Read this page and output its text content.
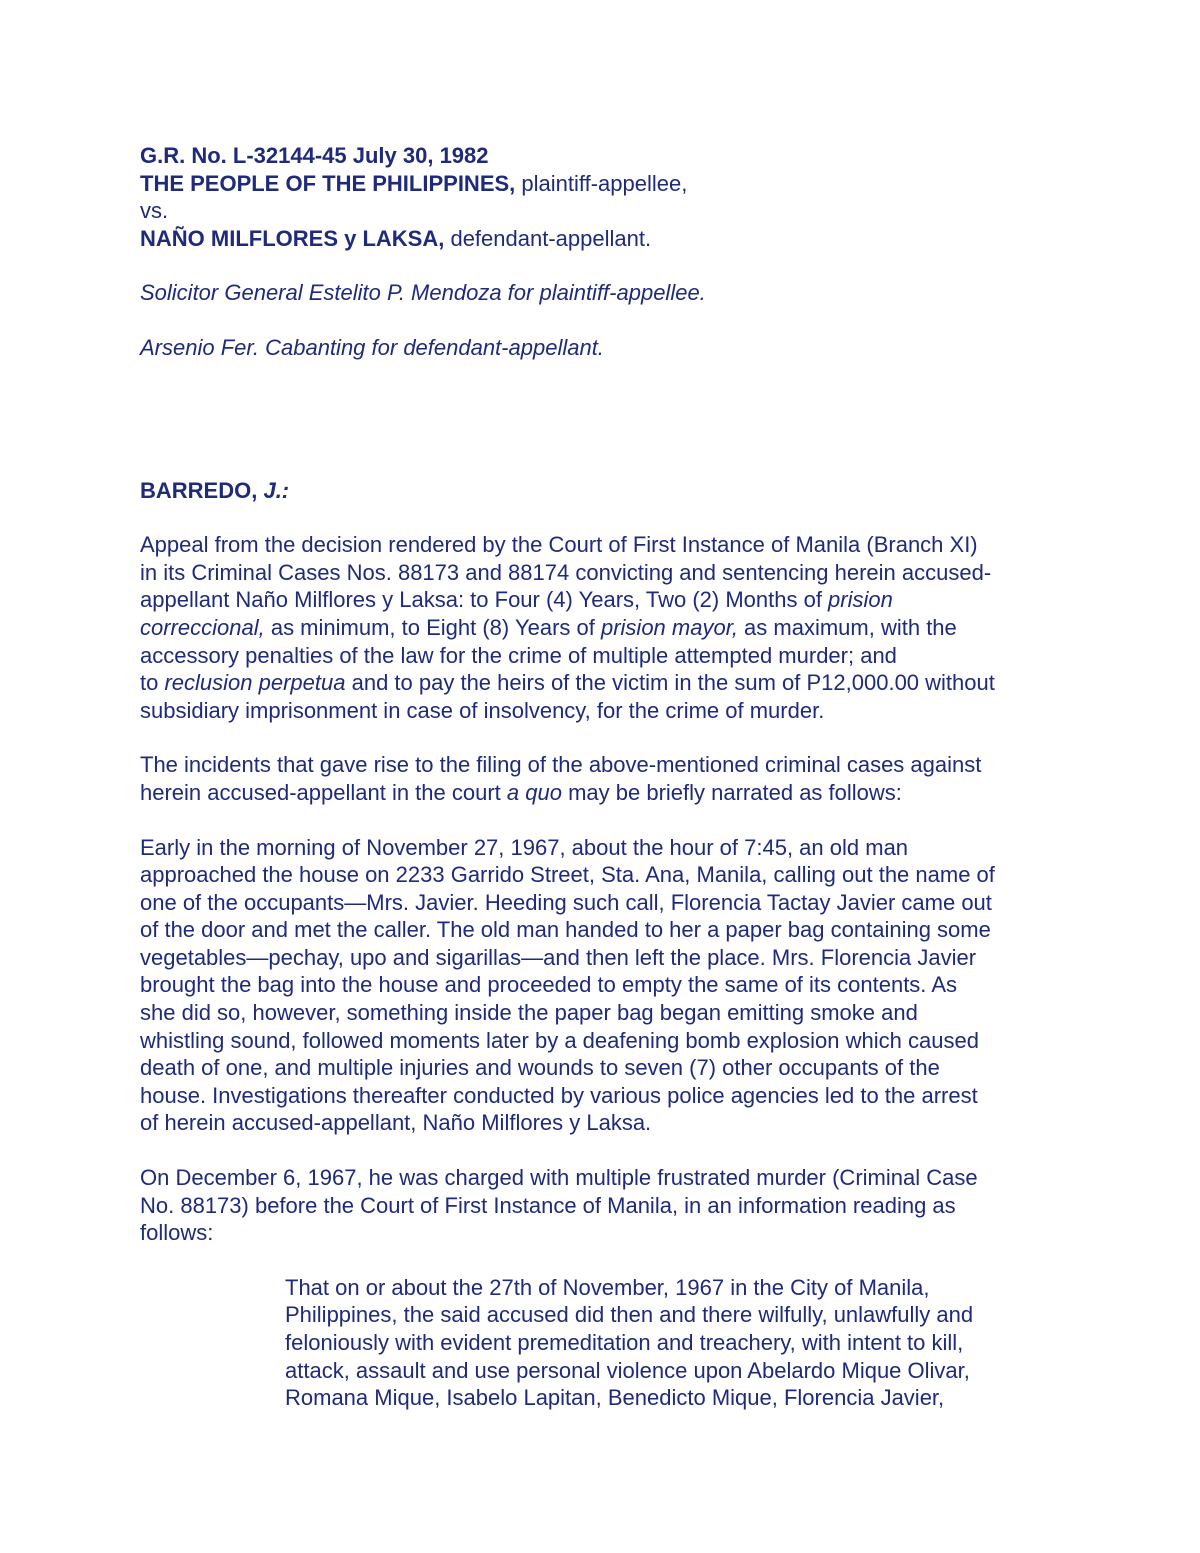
G.R. No. L-32144-45 July 30, 1982
THE PEOPLE OF THE PHILIPPINES, plaintiff-appellee,
vs.
NAÑO MILFLORES y LAKSA, defendant-appellant.
Solicitor General Estelito P. Mendoza for plaintiff-appellee.
Arsenio Fer. Cabanting for defendant-appellant.
BARREDO, J.:
Appeal from the decision rendered by the Court of First Instance of Manila (Branch XI)
in its Criminal Cases Nos. 88173 and 88174 convicting and sentencing herein accused-
appellant Naño Milflores y Laksa: to Four (4) Years, Two (2) Months of prision
correccional, as minimum, to Eight (8) Years of prision mayor, as maximum, with the
accessory penalties of the law for the crime of multiple attempted murder; and
to reclusion perpetua and to pay the heirs of the victim in the sum of P12,000.00 without
subsidiary imprisonment in case of insolvency, for the crime of murder.
The incidents that gave rise to the filing of the above-mentioned criminal cases against
herein accused-appellant in the court a quo may be briefly narrated as follows:
Early in the morning of November 27, 1967, about the hour of 7:45, an old man
approached the house on 2233 Garrido Street, Sta. Ana, Manila, calling out the name of
one of the occupants—Mrs. Javier. Heeding such call, Florencia Tactay Javier came out
of the door and met the caller. The old man handed to her a paper bag containing some
vegetables—pechay, upo and sigarillas—and then left the place. Mrs. Florencia Javier
brought the bag into the house and proceeded to empty the same of its contents. As
she did so, however, something inside the paper bag began emitting smoke and
whistling sound, followed moments later by a deafening bomb explosion which caused
death of one, and multiple injuries and wounds to seven (7) other occupants of the
house. Investigations thereafter conducted by various police agencies led to the arrest
of herein accused-appellant, Naño Milflores y Laksa.
On December 6, 1967, he was charged with multiple frustrated murder (Criminal Case
No. 88173) before the Court of First Instance of Manila, in an information reading as
follows:
That on or about the 27th of November, 1967 in the City of Manila,
Philippines, the said accused did then and there wilfully, unlawfully and
feloniously with evident premeditation and treachery, with intent to kill,
attack, assault and use personal violence upon Abelardo Mique Olivar,
Romana Mique, Isabelo Lapitan, Benedicto Mique, Florencia Javier,
